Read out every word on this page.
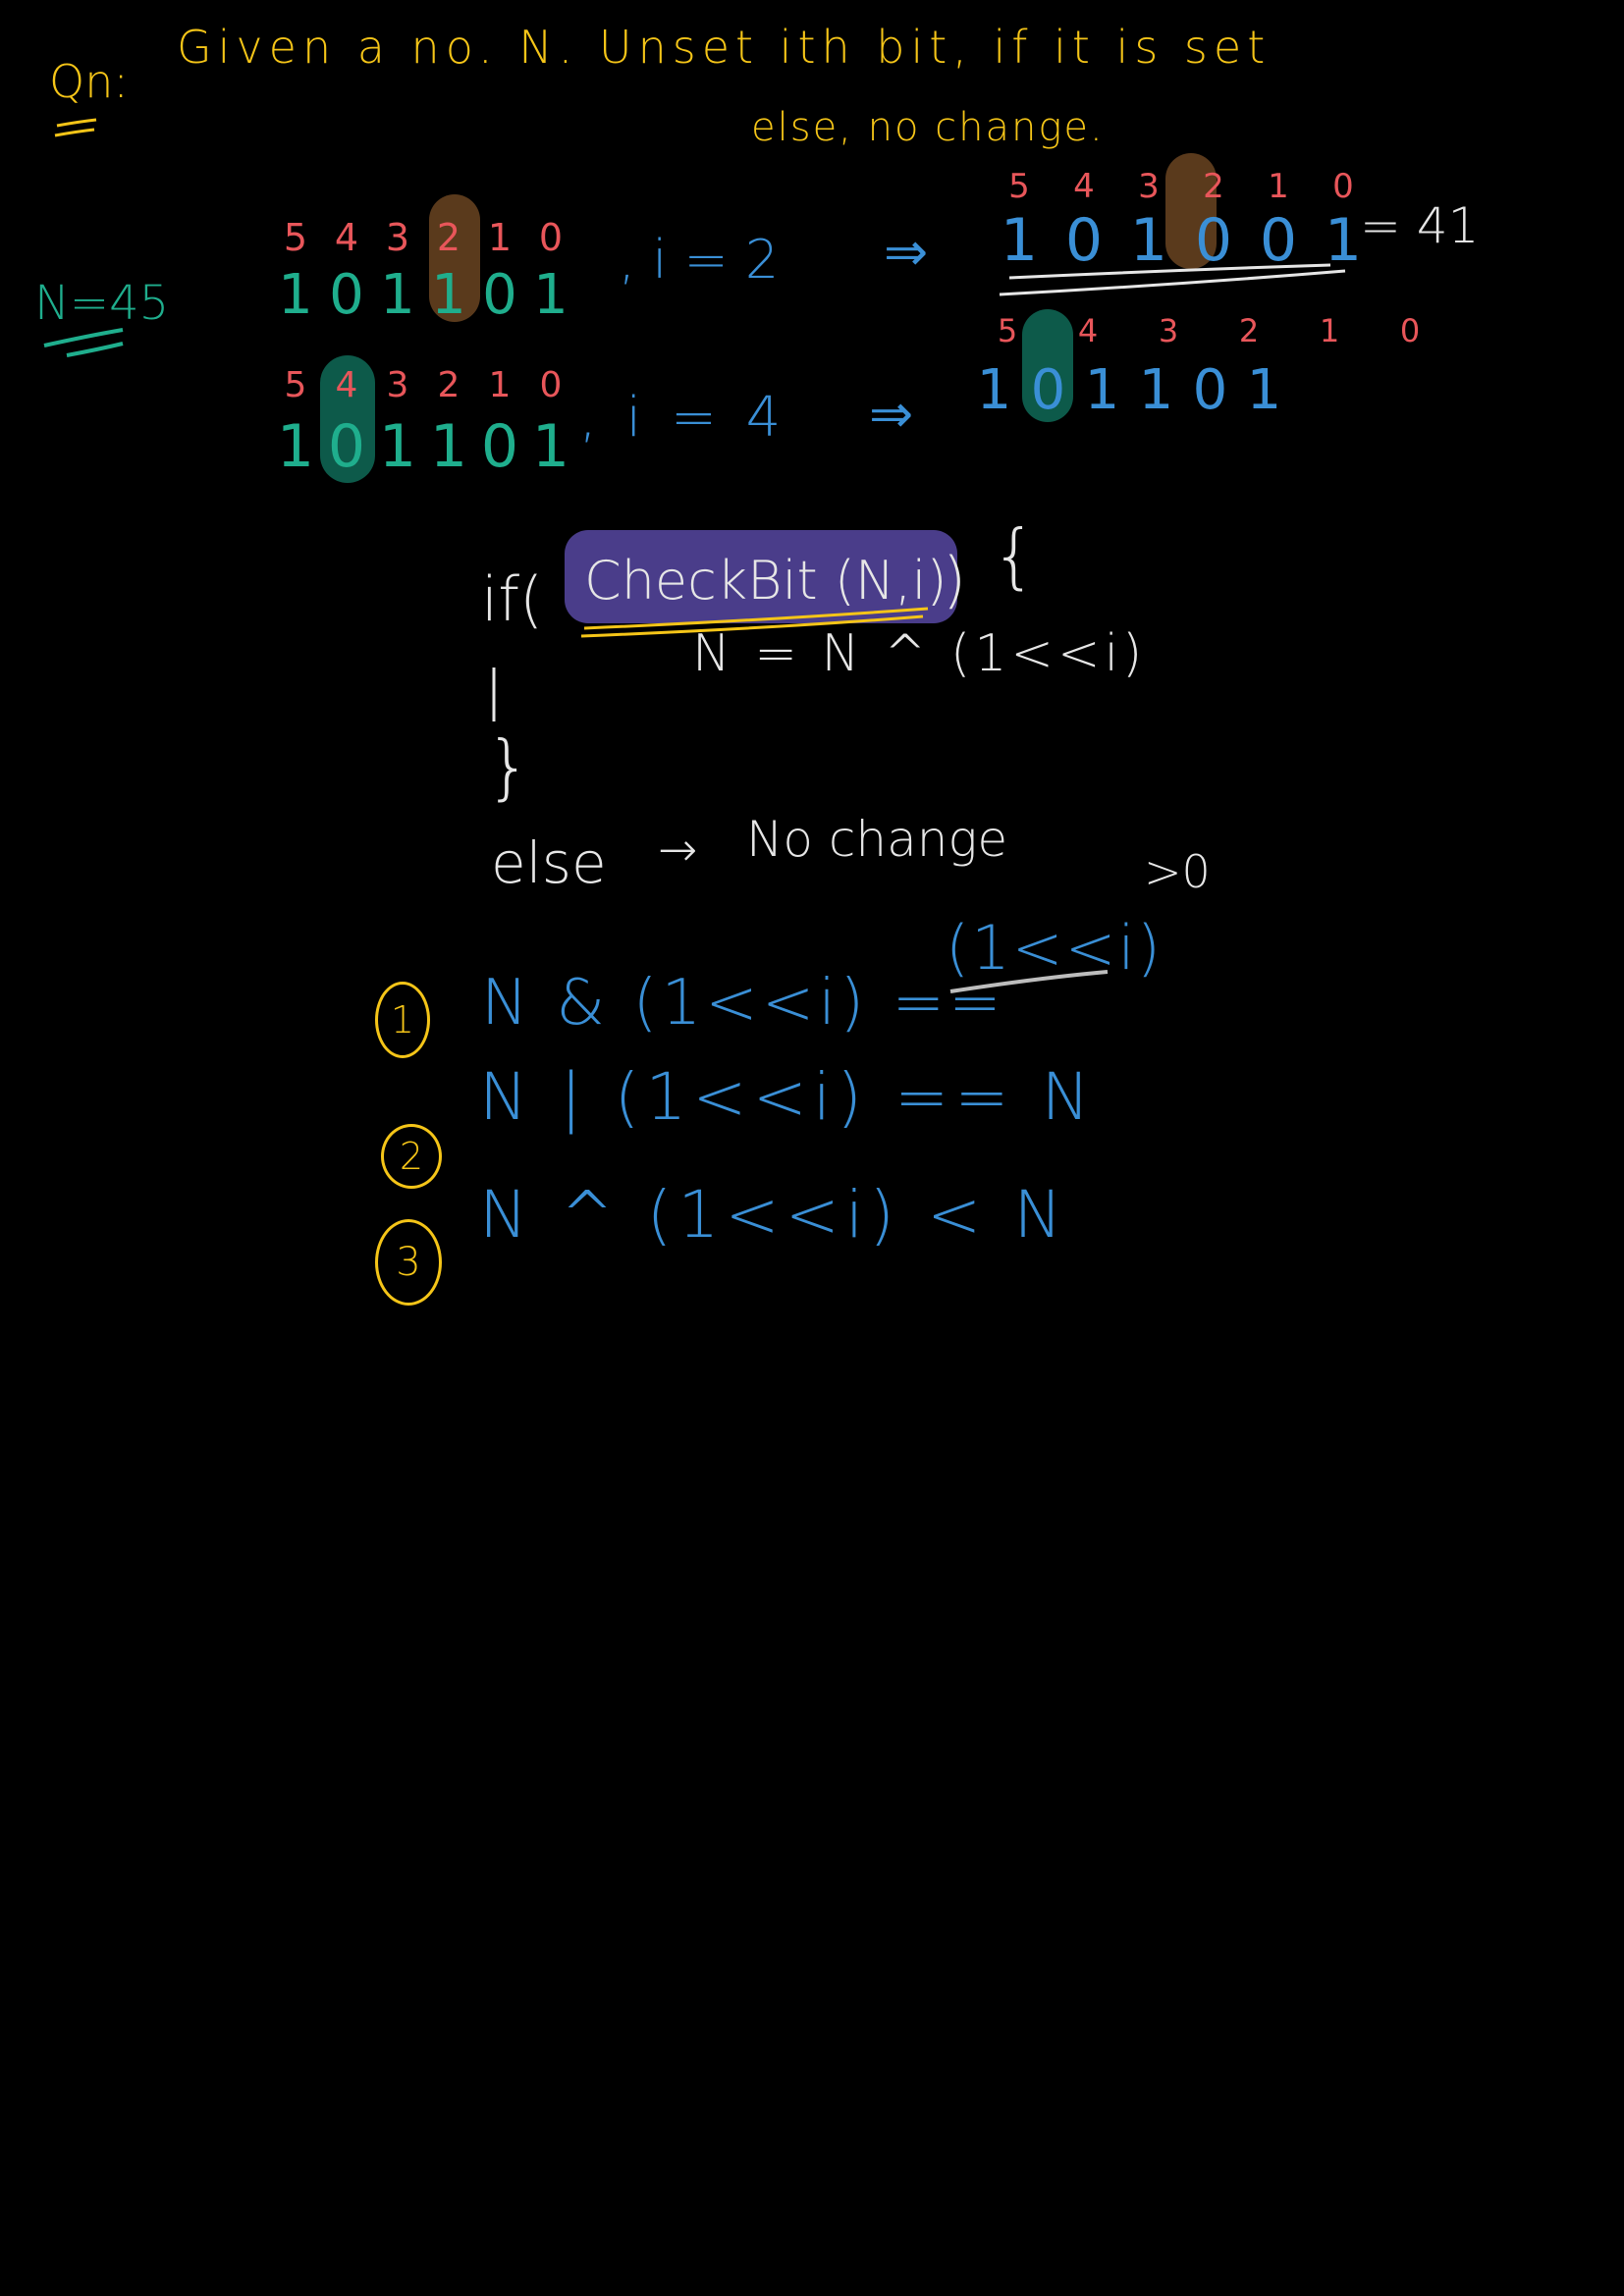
Qn:
Given a no. N. Unset ith bit, if it is set
else, no change.
N=45
5 4 3 2 1 0
1 0 1 1 0 1
, i = 2 ⇒
5	4	3	2	1	0
1 0 1 0 0 1
= 41
5 4 3 2 1 0
1 0 1 1 0 1 , i = 4 ⇒
5	4	3	2	1	0
1 0 1 1 0 1
if( CheckBit (N,i)
) {
N = N ^ (1<<i)
}
else → No change
1 N & (1<<i) ==
(1<<i)
>0
2
N | (1<<i) == N
3
N ^ (1<<i) < N
